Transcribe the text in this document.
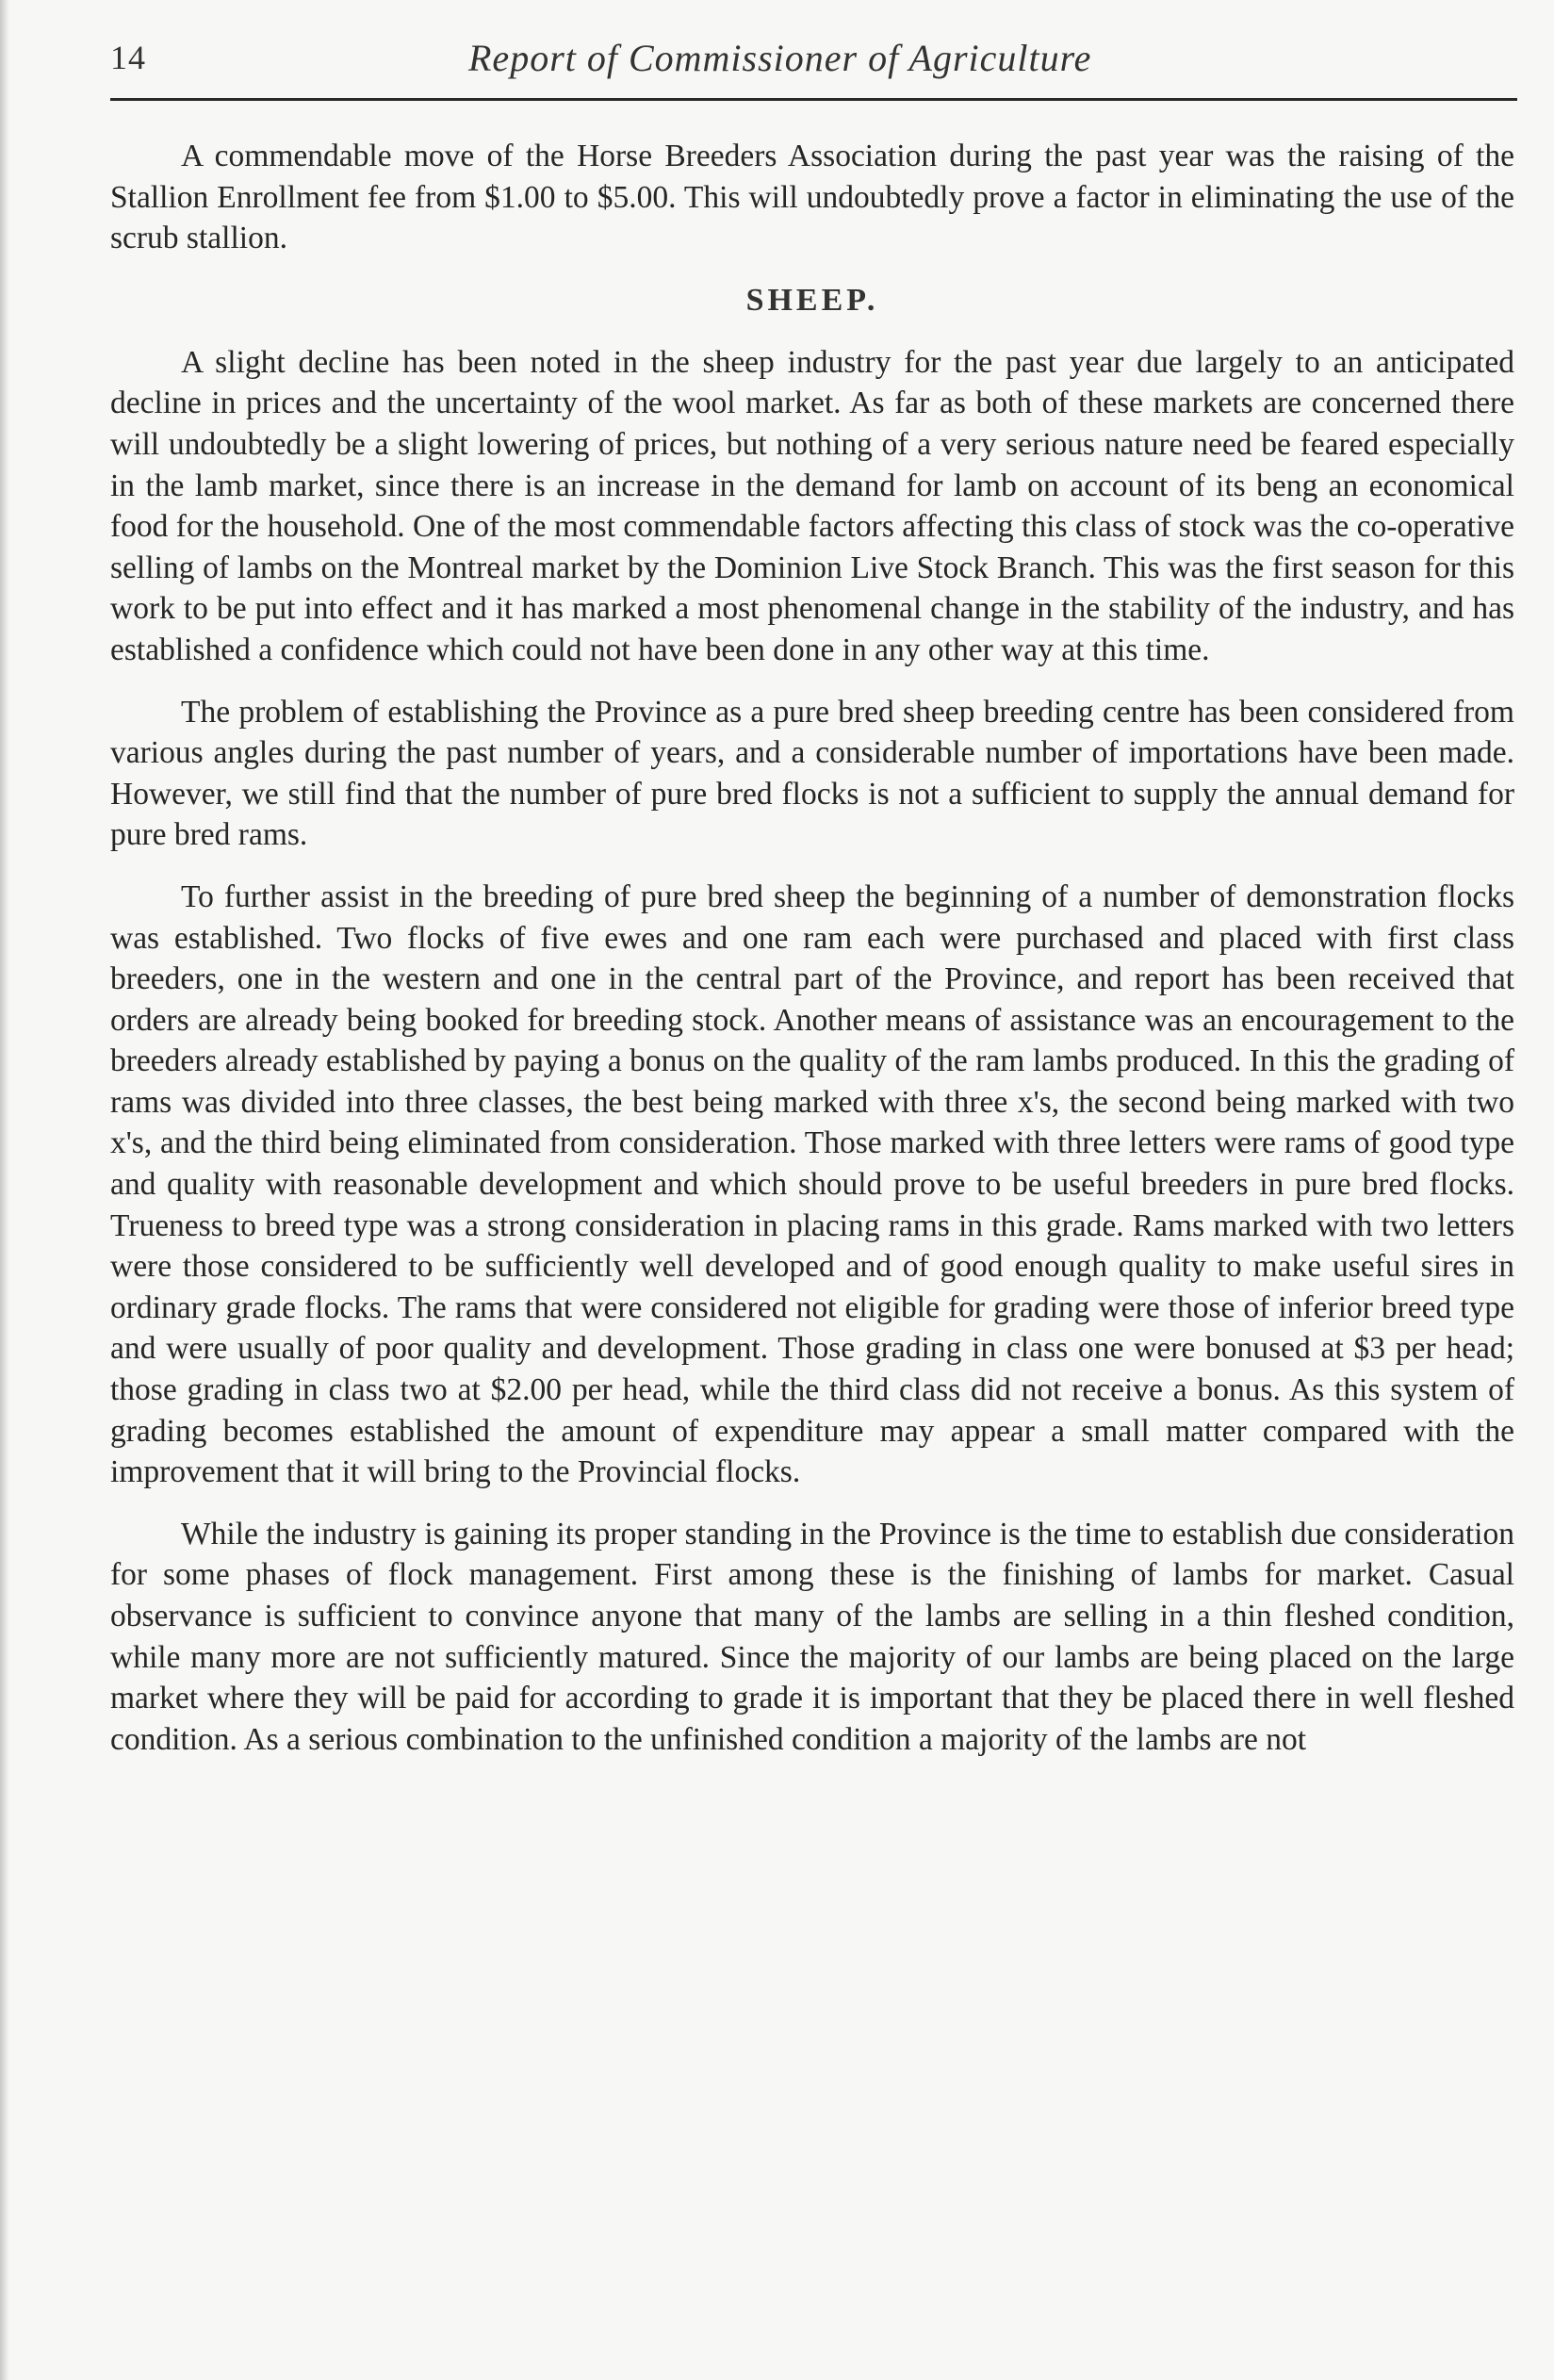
14	Report of Commissioner of Agriculture

A commendable move of the Horse Breeders Association during the past year was the raising of the Stallion Enrollment fee from $1.00 to $5.00. This will undoubtedly prove a factor in eliminating the use of the scrub stallion.

SHEEP.

A slight decline has been noted in the sheep industry for the past year due largely to an anticipated decline in prices and the uncertainty of the wool market. As far as both of these markets are concerned there will undoubtedly be a slight lowering of prices, but nothing of a very serious nature need be feared especially in the lamb market, since there is an increase in the demand for lamb on account of its beng an economical food for the household. One of the most commendable factors affecting this class of stock was the co-operative selling of lambs on the Montreal market by the Dominion Live Stock Branch. This was the first season for this work to be put into effect and it has marked a most phenomenal change in the stability of the industry, and has established a confidence which could not have been done in any other way at this time.

The problem of establishing the Province as a pure bred sheep breeding centre has been considered from various angles during the past number of years, and a considerable number of importations have been made. However, we still find that the number of pure bred flocks is not a sufficient to supply the annual demand for pure bred rams.

To further assist in the breeding of pure bred sheep the beginning of a number of demonstration flocks was established. Two flocks of five ewes and one ram each were purchased and placed with first class breeders, one in the western and one in the central part of the Province, and report has been received that orders are already being booked for breeding stock. Another means of assistance was an encouragement to the breeders already established by paying a bonus on the quality of the ram lambs produced. In this the grading of rams was divided into three classes, the best being marked with three x's, the second being marked with two x's, and the third being eliminated from consideration. Those marked with three letters were rams of good type and quality with reasonable development and which should prove to be useful breeders in pure bred flocks. Trueness to breed type was a strong consideration in placing rams in this grade. Rams marked with two letters were those considered to be sufficiently well developed and of good enough quality to make useful sires in ordinary grade flocks. The rams that were considered not eligible for grading were those of inferior breed type and were usually of poor quality and development. Those grading in class one were bonused at $3 per head; those grading in class two at $2.00 per head, while the third class did not receive a bonus. As this system of grading becomes established the amount of expenditure may appear a small matter compared with the improvement that it will bring to the Provincial flocks.

While the industry is gaining its proper standing in the Province is the time to establish due consideration for some phases of flock management. First among these is the finishing of lambs for market. Casual observance is sufficient to convince anyone that many of the lambs are selling in a thin fleshed condition, while many more are not sufficiently matured. Since the majority of our lambs are being placed on the large market where they will be paid for according to grade it is important that they be placed there in well fleshed condition. As a serious combination to the unfinished condition a majority of the lambs are not
